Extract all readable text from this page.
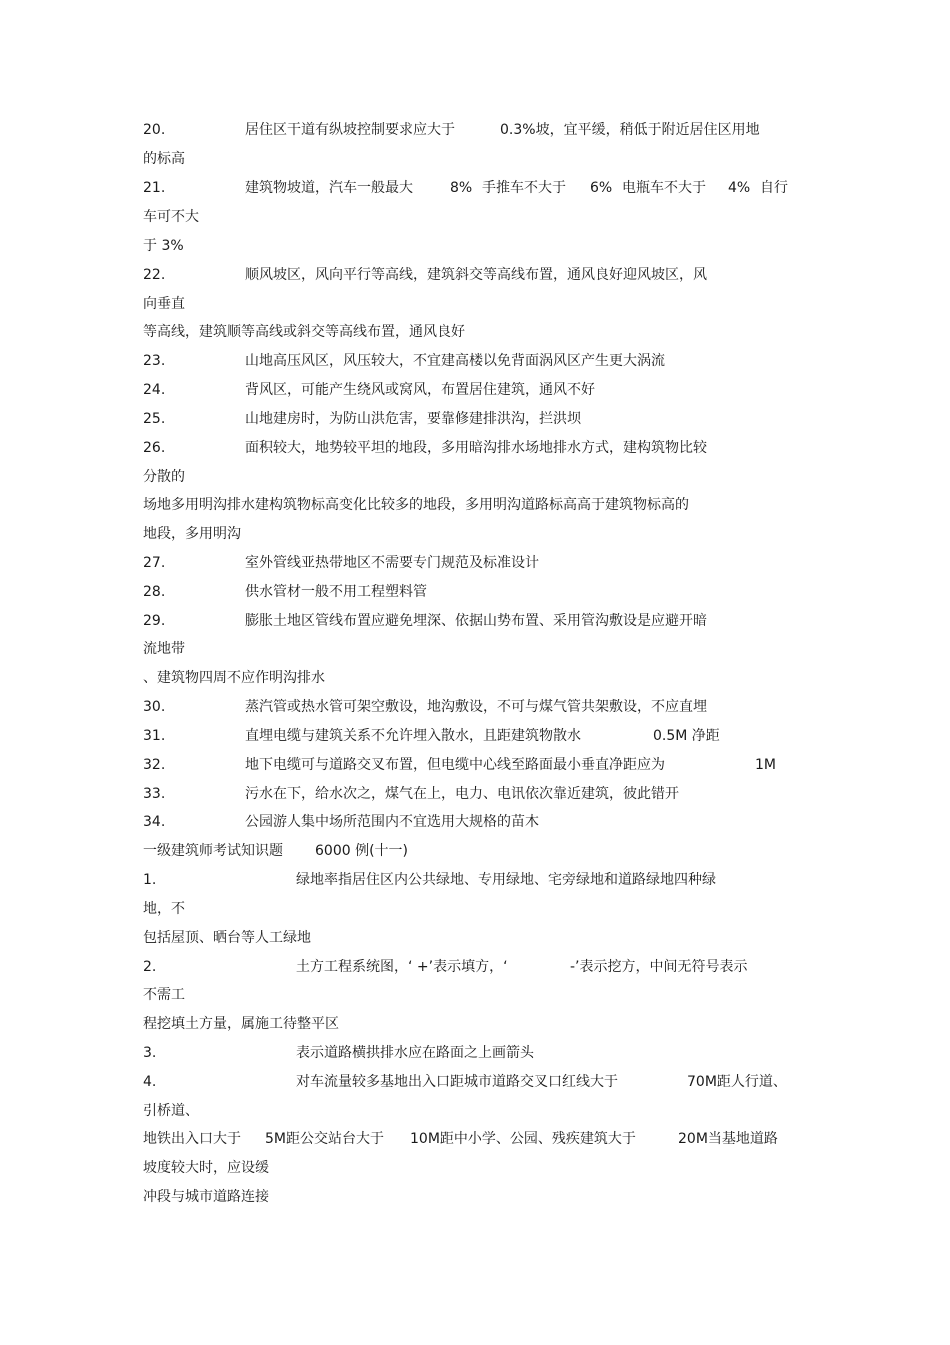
20.	居住区干道有纵坡控制要求应大于	0.3%坡，宜平缓，稍低于附近居住区用地
的标高
21.	建筑物坡道，汽车一般最大	8% 手推车不大于 6% 电瓶车不大于 4% 自行
车可不大
于 3%
22.	顺风坡区，风向平行等高线，建筑斜交等高线布置，通风良好迎风坡区，风
向垂直
等高线，建筑顺等高线或斜交等高线布置，通风良好
23.	山地高压风区，风压较大，不宜建高楼以免背面涡风区产生更大涡流
24.	背风区，可能产生绕风或窝风，布置居住建筑，通风不好
25.	山地建房时，为防山洪危害，要靠修建排洪沟，拦洪坝
26.	面积较大，地势较平坦的地段，多用暗沟排水场地排水方式，建构筑物比较
分散的
场地多用明沟排水建构筑物标高变化比较多的地段，多用明沟道路标高高于建筑物标高的
地段，多用明沟
27.	室外管线亚热带地区不需要专门规范及标准设计
28.	供水管材一般不用工程塑料管
29.	膨胀土地区管线布置应避免埋深、依据山势布置、采用管沟敷设是应避开暗
流地带
、建筑物四周不应作明沟排水
30.	蒸汽管或热水管可架空敷设，地沟敷设，不可与煤气管共架敷设，不应直埋
31.	直埋电缆与建筑关系不允许埋入散水，且距建筑物散水	0.5M 净距
32.	地下电缆可与道路交叉布置，但电缆中心线至路面最小垂直净距应为	1M
33.	污水在下，给水次之，煤气在上，电力、电讯依次靠近建筑，彼此错开
34.	公园游人集中场所范围内不宜选用大规格的苗木
一级建筑师考试知识题 6000 例(十一)
1.	绿地率指居住区内公共绿地、专用绿地、宅旁绿地和道路绿地四种绿
地，不
包括屋顶、晒台等人工绿地
2.	土方工程系统图，‘ +’表示填方，‘	-’表示挖方，中间无符号表示
不需工
程挖填土方量，属施工待整平区
3.	表示道路横拱排水应在路面之上画箭头
4.	对车流量较多基地出入口距城市道路交叉口红线大于	70M距人行道、
引桥道、
地铁出入口大于 5M距公交站台大于 10M距中小学、公园、残疾建筑大于	20M当基地道路
坡度较大时，应设缓
冲段与城市道路连接
